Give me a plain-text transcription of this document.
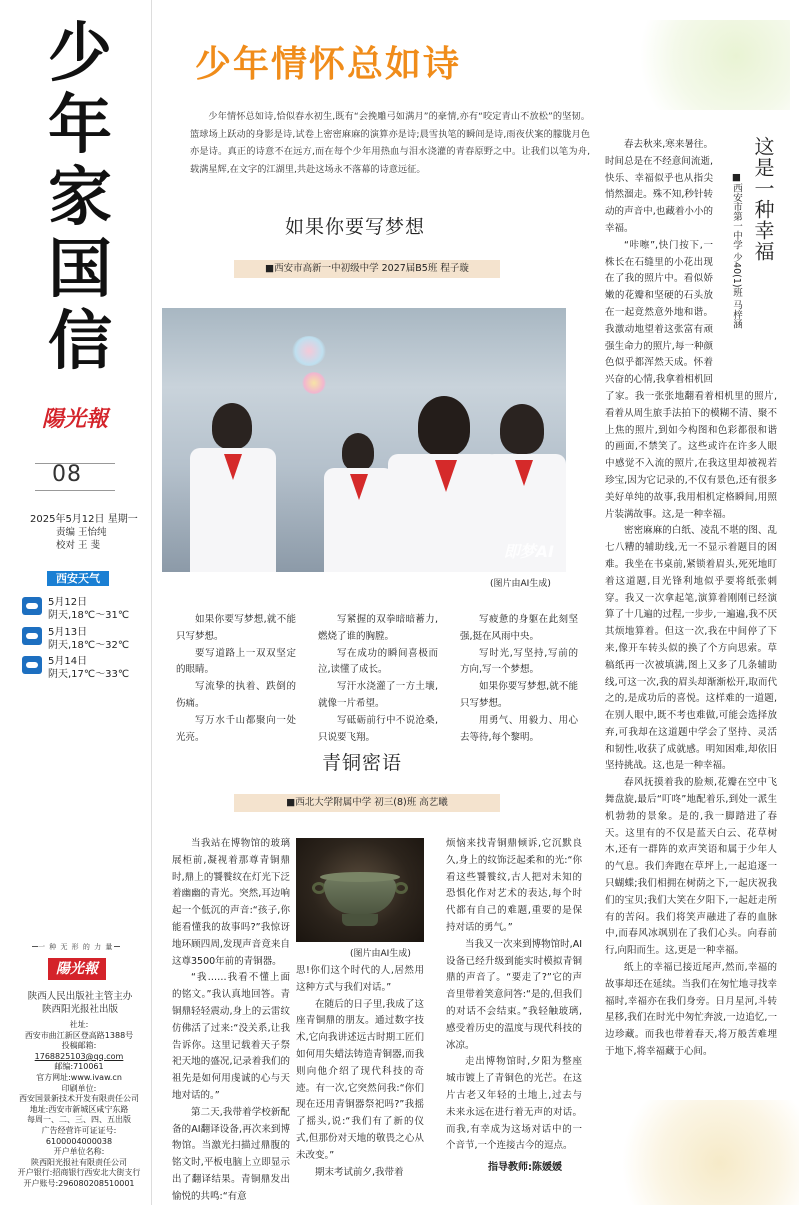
少
年
家
国
信
陽光報
08
2025年5月12日 星期一
责编 王怡纯
校对 王 斐
西安天气
5月12日
阴天,18℃～31℃
5月13日
阴天,18℃～32℃
5月14日
阴天,17℃～33℃
一 种 无 形 的 力 量
陽光報
陕西人民出版社主管主办
陕西阳光报社出版
社址:
西安市曲江新区登高路1388号
投稿邮箱:
1768825103@qq.com
邮编:710061
官方网址:www.ivaw.cn
印刷单位:
西安国景新技术开发有限责任公司
地址:西安市新城区咸宁东路
每周一、二、三、四、五出版
广告经营许可证证号:
6100004000038
开户单位名称:
陕西阳光报社有限责任公司
开户银行:招商银行西安北大街支行
开户账号:296080208510001
少年情怀总如诗
少年情怀总如诗,恰似春水初生,既有“会挽雕弓如满月”的豪情,亦有“咬定青山不放松”的坚韧。篮球场上跃动的身影是诗,试卷上密密麻麻的演算亦是诗;晨雪执笔的瞬间是诗,雨夜伏案的朦胧月色亦是诗。真正的诗意不在远方,而在每个少年用热血与泪水浇灌的青春原野之中。让我们以笔为舟,载满星辉,在文字的江湖里,共赴这场永不落幕的诗意远征。
如果你要写梦想
■西安市高新一中初级中学 2027届B5班 程子璇
即梦AI
(图片由AI生成)

如果你要写梦想,就不能只写梦想。

要写道路上一双双坚定的眼睛。

写流挚的执着、跌倒的伤痛。

写万水千山都聚向一处光亮。

写紧握的双拳暗暗蓄力,燃烧了谁的胸膛。

写在成功的瞬间喜极而泣,读懂了成长。

写汗水浇灌了一方土壤,就像一片希望。

写砥砺前行中不说沧桑,只说要飞翔。

写疲惫的身躯在此刻坚强,挺在风雨中央。

写时光,写坚持,写前的方向,写一个梦想。

如果你要写梦想,就不能只写梦想。

用勇气、用毅力、用心去等待,每个黎明。

青铜密语
■西北大学附属中学 初三(8)班 高艺曦

当我站在博物馆的玻璃展柜前,凝视着那尊青铜鼎时,鼎上的饕餮纹在灯光下泛着幽幽的青光。突然,耳边响起一个低沉的声音:“孩子,你能看懂我的故事吗?”我惊讶地环顾四周,发现声音竟来自这尊3500年前的青铜器。

“我……我看不懂上面的铭文。”我认真地回答。青铜鼎轻轻震动,身上的云雷纹仿佛活了过来:“没关系,让我告诉你。这里记载着天子祭祀天地的盛况,记录着我们的祖先是如何用虔诚的心与天地对话的。”

第二天,我带着学校新配备的AI翻译设备,再次来到博物馆。当激光扫描过鼎腹的铭文时,平板电脑上立即显示出了翻译结果。青铜鼎发出愉悦的共鸣:“有意

(图片由AI生成)

思!你们这个时代的人,居然用这种方式与我们对话。”

在随后的日子里,我成了这座青铜鼎的朋友。通过数字技术,它向我讲述远古时期工匠们如何用失蜡法铸造青铜器,而我则向他介绍了现代科技的奇迹。有一次,它突然问我:“你们现在还用青铜器祭祀吗?”我摇了摇头,说:“我们有了新的仪式,但那份对天地的敬畏之心从未改变。”

期末考试前夕,我带着

烦恼来找青铜鼎倾诉,它沉默良久,身上的纹饰泛起柔和的光:“你看这些饕餮纹,古人把对未知的恐惧化作对艺术的表达,每个时代都有自己的难题,重要的是保持对话的勇气。”

当我又一次来到博物馆时,AI设备已经升级到能实时模拟青铜鼎的声音了。“要走了?”它的声音里带着笑意问答:“是的,但我们的对话不会结束。”我轻触玻璃,感受着历史的温度与现代科技的冰凉。

走出博物馆时,夕阳为整座城市镀上了青铜色的光芒。在这片古老又年轻的土地上,过去与未来永远在进行着无声的对话。而我,有幸成为这场对话中的一个音节,一个连接古今的逗点。

指导教师:陈媛媛
这是一种幸福
■西安市第一中学 少40(1)班 马梓涵

春去秋来,寒来暑往。时间总是在不经意间流逝,快乐、幸福似乎也从指尖悄然溜走。殊不知,秒针转动的声音中,也藏着小小的幸福。

“咔嚓”,快门按下,一株长在石缝里的小花出现在了我的照片中。看似娇嫩的花瓣和坚硬的石头放在一起竟然意外地和谐。我激动地望着这张富有顽强生命力的照片,每一种颜色似乎都浑然天成。怀着兴奋的心情,我拿着相机回了家。我一张张地翻看着相机里的照片,看着从周生旅手法拍下的模糊不清、聚不上焦的照片,到如今构图和色彩都很和谐的画面,不禁笑了。这些或许在许多人眼中感觉不入流的照片,在我这里却被视若珍宝,因为它记录的,不仅有景色,还有很多美好单纯的故事,我用相机定格瞬间,用照片装满故事。这,是一种幸福。

密密麻麻的白纸、凌乱不堪的图、乱七八糟的辅助线,无一不显示着题目的困难。我坐在书桌前,紧锁着眉头,死死地盯着这道题,目光锋利地似乎要将纸张刺穿。我又一次拿起笔,演算着刚刚已经演算了十几遍的过程,一步步,一遍遍,我不厌其烦地算着。但这一次,我在中间停了下来,像开车转头似的换了个方向思索。草稿纸再一次被填满,图上又多了几条辅助线,可这一次,我的眉头却渐渐松开,取而代之的,是成功后的喜悦。这样难的一道题,在别人眼中,既不考也难做,可能会选择放弃,可我却在这道题中学会了坚持、灵活和韧性,收获了成就感。明知困难,却依旧坚持挑战。这,也是一种幸福。

春风抚摸着我的脸颊,花瓣在空中飞舞盘旋,最后“叮咚”地配着乐,到处一派生机勃勃的景象。是的,我一脚踏进了春天。这里有的不仅是蓝天白云、花草树木,还有一群阵的欢声笑语和属于少年人的气息。我们奔跑在草坪上,一起追逐一只蝴蝶;我们相拥在树荫之下,一起庆祝我们的宝贝;我们大笑在夕阳下,一起赶走所有的苦闷。我们将笑声融进了春的血脉中,而春风冰飒别在了我们心头。向春前行,向阳而生。这,更是一种幸福。

纸上的幸福已接近尾声,然而,幸福的故事却还在延续。当我们在匆忙地寻找幸福时,幸福亦在我们身旁。日月星河,斗转星移,我们在时光中匆忙奔波,一边追忆,一边珍藏。而我也带着春天,将万般苦难埋于地下,将幸福藏于心间。
